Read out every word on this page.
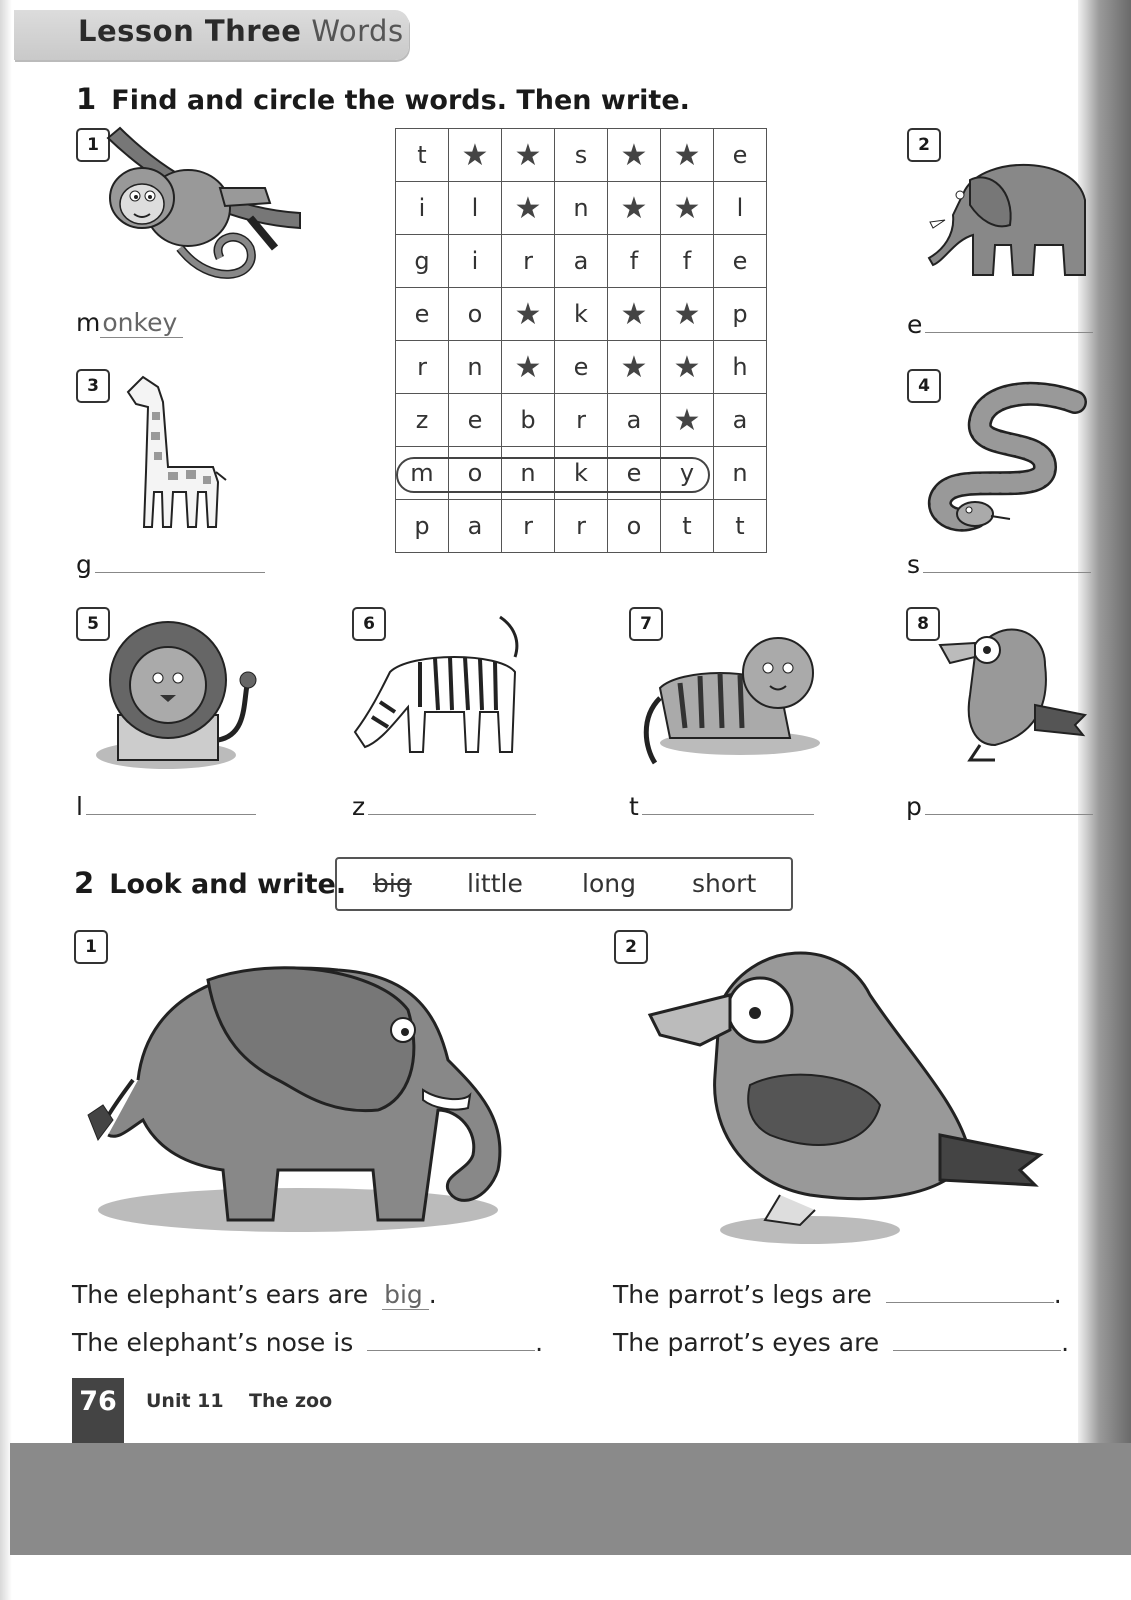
Lesson Three Words
1 Find and circle the words. Then write.
1	2
3	4
5	6	7	8
monkey	e
g	s
t	★	★	s	★	★	e
i	l	★	n	★	★	l
g	i	r	a	f	f	e
e	o	★	k	★	★	p
r	n	★	e	★	★	h
z	e	b	r	a	★	a
m	o	n	k	e	y	n
p	a	r	r	o	t	t
l	z	t	p
2 Look and write. big little long short
1	2
The elephant’s ears are big .
The elephant’s nose is	.
The parrot’s legs are	.
The parrot’s eyes are	.
76	Unit 11 The zoo
